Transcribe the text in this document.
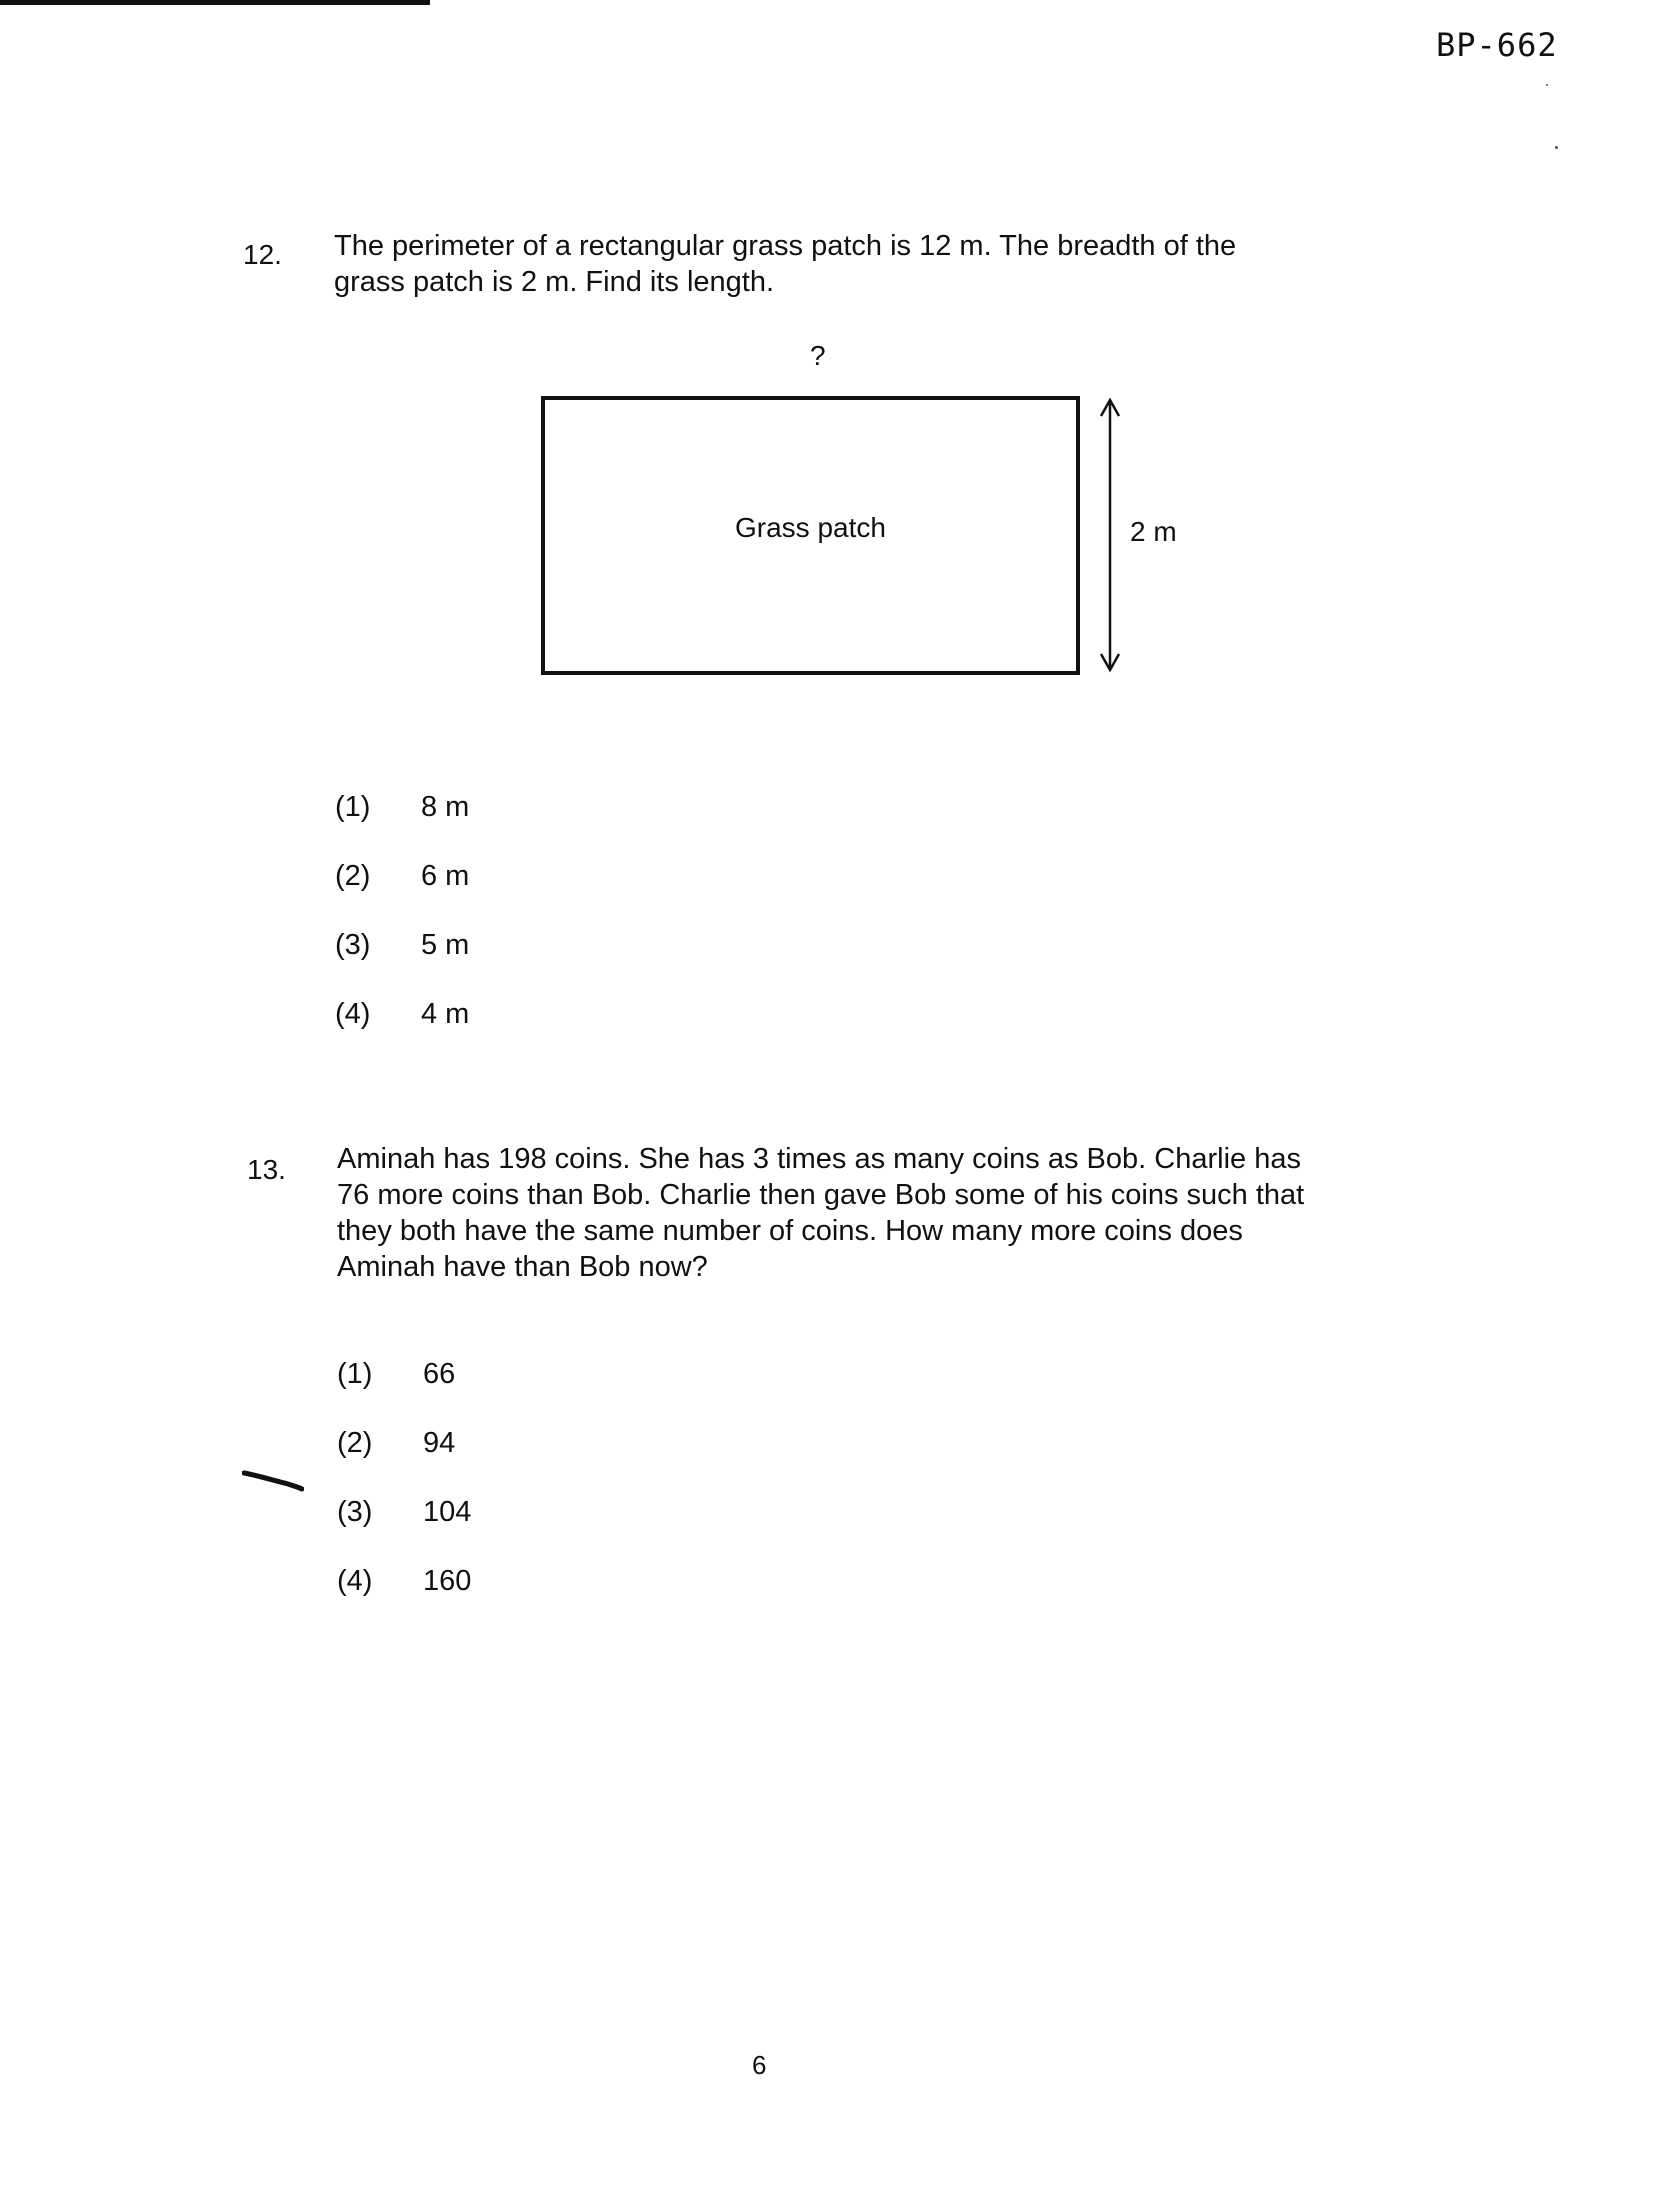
BP-662
12. The perimeter of a rectangular grass patch is 12 m. The breadth of the grass patch is 2 m. Find its length.

?
Grass patch	2 m
(1) 8 m
(2) 6 m
(3) 5 m
(4) 4 m
13. Aminah has 198 coins. She has 3 times as many coins as Bob. Charlie has 76 more coins than Bob. Charlie then gave Bob some of his coins such that they both have the same number of coins. How many more coins does Aminah have than Bob now?

(1) 66
(2) 94
(3) 104
(4) 160
6
